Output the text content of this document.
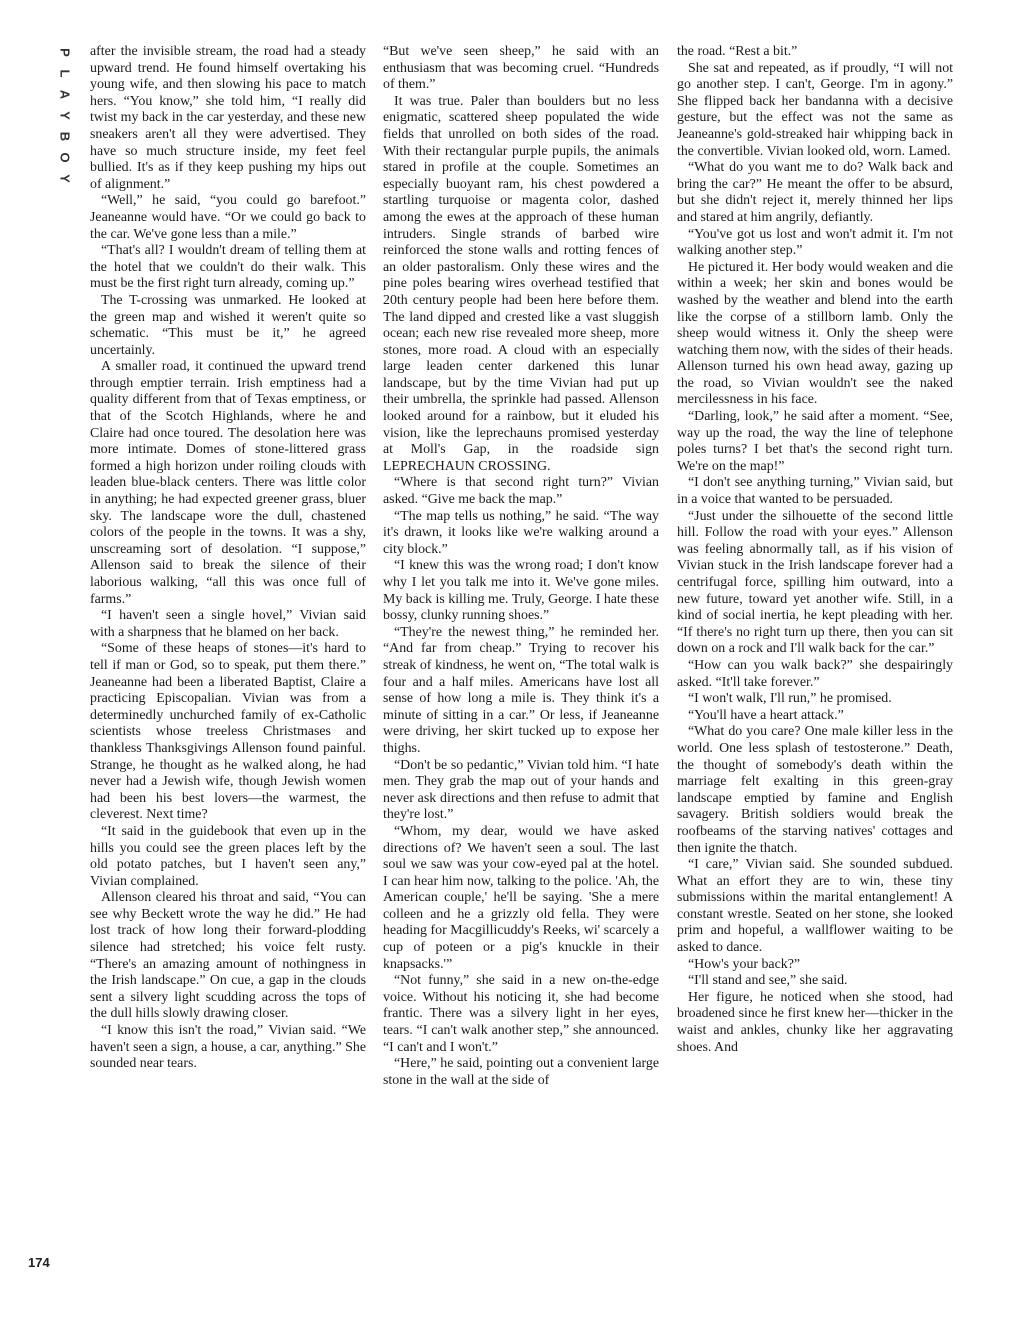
P
L
A
Y
B
O
Y

after the invisible stream, the road had a steady upward trend. He found himself overtaking his young wife, and then slowing his pace to match hers. “You know,” she told him, “I really did twist my back in the car yesterday, and these new sneakers aren't all they were advertised. They have so much structure inside, my feet feel bullied. It's as if they keep pushing my hips out of alignment.”

“Well,” he said, “you could go barefoot.” Jeaneanne would have. “Or we could go back to the car. We've gone less than a mile.”

“That's all? I wouldn't dream of telling them at the hotel that we couldn't do their walk. This must be the first right turn already, coming up.”

The T-crossing was unmarked. He looked at the green map and wished it weren't quite so schematic. “This must be it,” he agreed uncertainly.

A smaller road, it continued the upward trend through emptier terrain. Irish emptiness had a quality different from that of Texas emptiness, or that of the Scotch Highlands, where he and Claire had once toured. The desolation here was more intimate. Domes of stone-littered grass formed a high horizon under roiling clouds with leaden blue-black centers. There was little color in anything; he had expected greener grass, bluer sky. The landscape wore the dull, chastened colors of the people in the towns. It was a shy, unscreaming sort of desolation. “I suppose,” Allenson said to break the silence of their laborious walking, “all this was once full of farms.”

“I haven't seen a single hovel,” Vivian said with a sharpness that he blamed on her back.

“Some of these heaps of stones—it's hard to tell if man or God, so to speak, put them there.” Jeaneanne had been a liberated Baptist, Claire a practicing Episcopalian. Vivian was from a determinedly unchurched family of ex-Catholic scientists whose treeless Christmases and thankless Thanksgivings Allenson found painful. Strange, he thought as he walked along, he had never had a Jewish wife, though Jewish women had been his best lovers—the warmest, the cleverest. Next time?

“It said in the guidebook that even up in the hills you could see the green places left by the old potato patches, but I haven't seen any,” Vivian complained.

Allenson cleared his throat and said, “You can see why Beckett wrote the way he did.” He had lost track of how long their forward-plodding silence had stretched; his voice felt rusty. “There's an amazing amount of nothingness in the Irish landscape.” On cue, a gap in the clouds sent a silvery light scudding across the tops of the dull hills slowly drawing closer.

“I know this isn't the road,” Vivian said. “We haven't seen a sign, a house, a car, anything.” She sounded near tears.

“But we've seen sheep,” he said with an enthusiasm that was becoming cruel. “Hundreds of them.”

It was true. Paler than boulders but no less enigmatic, scattered sheep populated the wide fields that unrolled on both sides of the road. With their rectangular purple pupils, the animals stared in profile at the couple. Sometimes an especially buoyant ram, his chest powdered a startling turquoise or magenta color, dashed among the ewes at the approach of these human intruders. Single strands of barbed wire reinforced the stone walls and rotting fences of an older pastoralism. Only these wires and the pine poles bearing wires overhead testified that 20th century people had been here before them. The land dipped and crested like a vast sluggish ocean; each new rise revealed more sheep, more stones, more road. A cloud with an especially large leaden center darkened this lunar landscape, but by the time Vivian had put up their umbrella, the sprinkle had passed. Allenson looked around for a rainbow, but it eluded his vision, like the leprechauns promised yesterday at Moll's Gap, in the roadside sign LEPRECHAUN CROSSING.

“Where is that second right turn?” Vivian asked. “Give me back the map.”

“The map tells us nothing,” he said. “The way it's drawn, it looks like we're walking around a city block.”

“I knew this was the wrong road; I don't know why I let you talk me into it. We've gone miles. My back is killing me. Truly, George. I hate these bossy, clunky running shoes.”

“They're the newest thing,” he reminded her. “And far from cheap.” Trying to recover his streak of kindness, he went on, “The total walk is four and a half miles. Americans have lost all sense of how long a mile is. They think it's a minute of sitting in a car.” Or less, if Jeaneanne were driving, her skirt tucked up to expose her thighs.

“Don't be so pedantic,” Vivian told him. “I hate men. They grab the map out of your hands and never ask directions and then refuse to admit that they're lost.”

“Whom, my dear, would we have asked directions of? We haven't seen a soul. The last soul we saw was your cow-eyed pal at the hotel. I can hear him now, talking to the police. 'Ah, the American couple,' he'll be saying. 'She a mere colleen and he a grizzly old fella. They were heading for Macgillicuddy's Reeks, wi' scarcely a cup of poteen or a pig's knuckle in their knapsacks.'”

“Not funny,” she said in a new on-the-edge voice. Without his noticing it, she had become frantic. There was a silvery light in her eyes, tears. “I can't walk another step,” she announced. “I can't and I won't.”

“Here,” he said, pointing out a convenient large stone in the wall at the side of

the road. “Rest a bit.”

She sat and repeated, as if proudly, “I will not go another step. I can't, George. I'm in agony.” She flipped back her bandanna with a decisive gesture, but the effect was not the same as Jeaneanne's gold-streaked hair whipping back in the convertible. Vivian looked old, worn. Lamed.

“What do you want me to do? Walk back and bring the car?” He meant the offer to be absurd, but she didn't reject it, merely thinned her lips and stared at him angrily, defiantly.

“You've got us lost and won't admit it. I'm not walking another step.”

He pictured it. Her body would weaken and die within a week; her skin and bones would be washed by the weather and blend into the earth like the corpse of a stillborn lamb. Only the sheep would witness it. Only the sheep were watching them now, with the sides of their heads. Allenson turned his own head away, gazing up the road, so Vivian wouldn't see the naked mercilessness in his face.

“Darling, look,” he said after a moment. “See, way up the road, the way the line of telephone poles turns? I bet that's the second right turn. We're on the map!”

“I don't see anything turning,” Vivian said, but in a voice that wanted to be persuaded.

“Just under the silhouette of the second little hill. Follow the road with your eyes.” Allenson was feeling abnormally tall, as if his vision of Vivian stuck in the Irish landscape forever had a centrifugal force, spilling him outward, into a new future, toward yet another wife. Still, in a kind of social inertia, he kept pleading with her. “If there's no right turn up there, then you can sit down on a rock and I'll walk back for the car.”

“How can you walk back?” she despairingly asked. “It'll take forever.”

“I won't walk, I'll run,” he promised.

“You'll have a heart attack.”

“What do you care? One male killer less in the world. One less splash of testosterone.” Death, the thought of somebody's death within the marriage felt exalting in this green-gray landscape emptied by famine and English savagery. British soldiers would break the roofbeams of the starving natives' cottages and then ignite the thatch.

“I care,” Vivian said. She sounded subdued. What an effort they are to win, these tiny submissions within the marital entanglement! A constant wrestle. Seated on her stone, she looked prim and hopeful, a wallflower waiting to be asked to dance.

“How's your back?”

“I'll stand and see,” she said.

Her figure, he noticed when she stood, had broadened since he first knew her—thicker in the waist and ankles, chunky like her aggravating shoes. And

174
